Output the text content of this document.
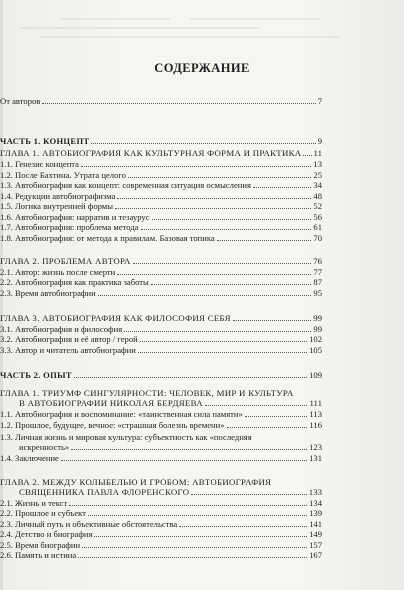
СОДЕРЖАНИЕ
От авторов	7
ЧАСТЬ 1. КОНЦЕПТ	9
ГЛАВА 1. АВТОБИОГРАФИЯ КАК КУЛЬТУРНАЯ ФОРМА И ПРАКТИКА 11
1.1. Генезис концепта	13
1.2. После Бахтина. Утрата целого	25
1.3. Автобиография как концепт: современная ситуация осмысления	34
1.4. Редукции автобиографизма	48
1.5. Логика внутренней формы	52
1.6. Автобиография: нарратив и тезаурус	56
1.7. Автобиография: проблема метода	61
1.8. Автобиография: от метода к правилам. Базовая топика	70
ГЛАВА 2. ПРОБЛЕМА АВТОРА	76
2.1. Автор: жизнь после смерти	77
2.2. Автобиография как практика заботы	87
2.3. Время автобиографии	95
ГЛАВА 3. АВТОБИОГРАФИЯ КАК ФИЛОСОФИЯ СЕБЯ	99
3.1. Автобиография и философия	99
3.2. Автобиография и её автор / герой	102
3.3. Автор и читатель автобиографии	105
ЧАСТЬ 2. ОПЫТ	109
ГЛАВА 1. ТРИУМФ СИНГУЛЯРНОСТИ: ЧЕЛОВЕК, МИР И КУЛЬТУРА
В АВТОБИОГРАФИИ НИКОЛАЯ БЕРДЯЕВА	111
1.1. Автобиография и воспоминание: «таинственная сила памяти»	113
1.2. Прошлое, будущее, вечное: «страшная болезнь времени»	116
1.3. Личная жизнь и мировая культура: субъектность как «последняя
искренность»	123
1.4. Заключение	131
ГЛАВА 2. МЕЖДУ КОЛЫБЕЛЬЮ И ГРОБОМ: АВТОБИОГРАФИЯ
СВЯЩЕННИКА ПАВЛА ФЛОРЕНСКОГО	133
2.1. Жизнь и текст	134
2.2. Прошлое и субъект	139
2.3. Личный путь и объективные обстоятельства	141
2.4. Детство и биография	149
2.5. Время биографии	157
2.6. Память и истина	167
